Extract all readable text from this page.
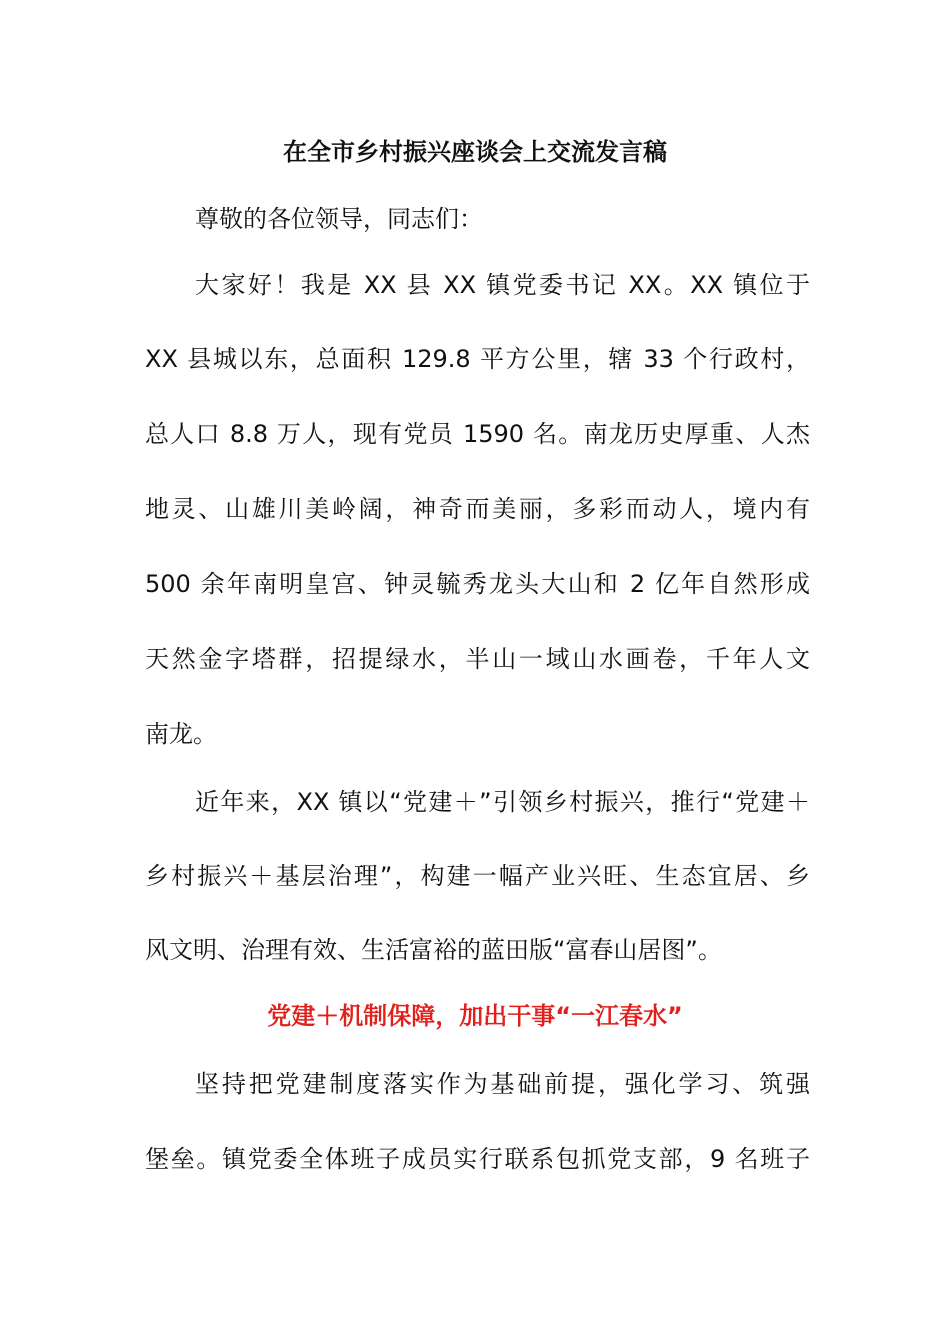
在全市乡村振兴座谈会上交流发言稿

尊敬的各位领导，同志们：

大家好！我是 XX 县 XX 镇党委书记 XX。XX 镇位于

XX 县城以东，总面积 129.8 平方公里，辖 33 个行政村，

总人口 8.8 万人，现有党员 1590 名。南龙历史厚重、人杰

地灵、山雄川美岭阔，神奇而美丽，多彩而动人，境内有

500 余年南明皇宫、钟灵毓秀龙头大山和 2 亿年自然形成

天然金字塔群，招提绿水，半山一域山水画卷，千年人文

南龙。

近年来，XX 镇以“党建＋”引领乡村振兴，推行“党建＋

乡村振兴＋基层治理”，构建一幅产业兴旺、生态宜居、乡

风文明、治理有效、生活富裕的蓝田版“富春山居图”。

党建＋机制保障，加出干事“一江春水”

坚持把党建制度落实作为基础前提，强化学习、筑强

堡垒。镇党委全体班子成员实行联系包抓党支部，9 名班子
